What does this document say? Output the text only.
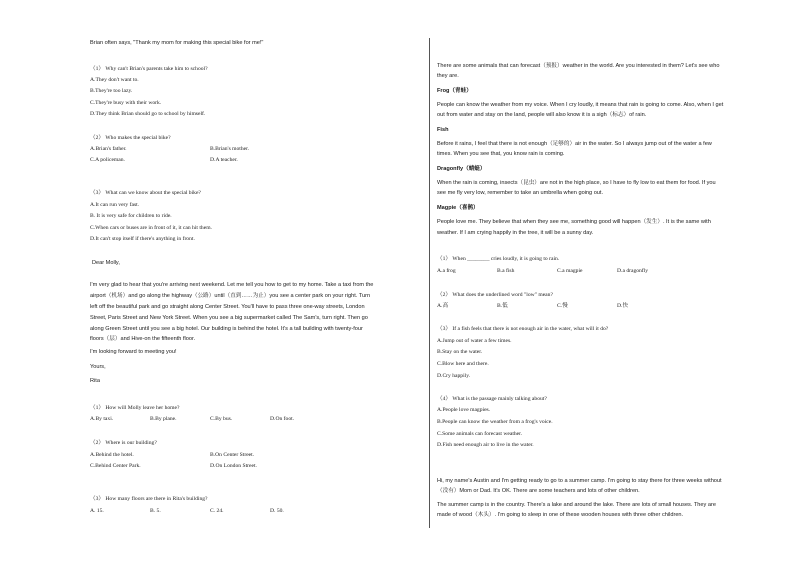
Brian often says, "Thank my mom for making this special bike for me!"
（1） Why can't Brian's parents take him to school?
A.They don't want to.
B.They're too lazy.
C.They're busy with their work.
D.They think Brian should go to school by himself.
（2） Who makes the special bike?
A.Brian's father.	B.Brian's mother.
C.A policeman.	D.A teacher.
（3） What can we know about the special bike?
A.It can run very fast.
B. It is very safe for children to ride.
C.When cars or buses are in front of it, it can hit them.
D.It can't stop itself if there's anything in front.
Dear Molly,
I'm very glad to hear that you're arriving next weekend. Let me tell you how to get to my home. Take a taxi from the
airport（机场）and go along the highway（公路）until（直到……为止）you see a center park on your right. Turn
left off the beautiful park and go straight along Center Street. You'll have to pass three one-way streets, London
Street, Paris Street and New York Street. When you see a big supermarket called The Sam's, turn right. Then go
along Green Street until you see a big hotel. Our building is behind the hotel. It's a tall building with twenty-four
floors（层）and Hive-on the fifteenth floor.
I'm looking forward to meeting you!
Yours,
Rita
（1） How will Molly leave her home?
A.By taxi.	B.By plane.	C.By bus.	D.On foot.
（2） Where is our building?
A.Behind the hotel.	B.On Center Street.
C.Behind Center Park.	D.On London Street.
（3） How many floors are there in Rita's building?
A. 15.	B. 5.	C. 24.	D. 50.
There are some animals that can forecast（预报）weather in the world. Are you interested in them? Let's see who
they are.
Frog（青蛙）
People can know the weather from my voice. When I cry loudly, it means that rain is going to come. Also, when I get
out from water and stay on the land, people will also know it is a sigh（标志）of rain.
Fish
Before it rains, I feel that there is not enough（足够的）air in the water. So I always jump out of the water a few
times. When you see that, you know rain is coming.
Dragonfly（蜻蜓）
When the rain is coming, insects（昆虫）are not in the high place, so I have to fly low to eat them for food. If you
see me fly very low, remember to take an umbrella when going out.
Magpie（喜鹊）
People love me. They believe that when they see me, something good will happen（发生）. It is the same with
weather. If I am crying happily in the tree, it will be a sunny day.
（1） When ________ cries loudly, it is going to rain.
A.a frog	B.a fish	C.a magpie	D.a dragonfly
（2） What does the underlined word "low" mean?
A.高	B.低	C.慢	D.快
（3） If a fish feels that there is not enough air in the water, what will it do?
A.Jump out of water a few times.
B.Stay on the water.
C.Blow here and there.
D.Cry happily.
（4） What is the passage mainly talking about?
A.People love magpies.
B.People can know the weather from a frog's voice.
C.Some animals can forecast weather.
D.Fish need enough air to live in the water.
Hi, my name's Austin and I'm getting ready to go to a summer camp. I'm going to stay there for three weeks without
（没有）Mom or Dad. It's OK. There are some teachers and lots of other children.
The summer camp is in the country. There's a lake and around the lake. There are lots of small houses. They are
made of wood（木头）. I'm going to sleep in one of these wooden houses with three other children.
